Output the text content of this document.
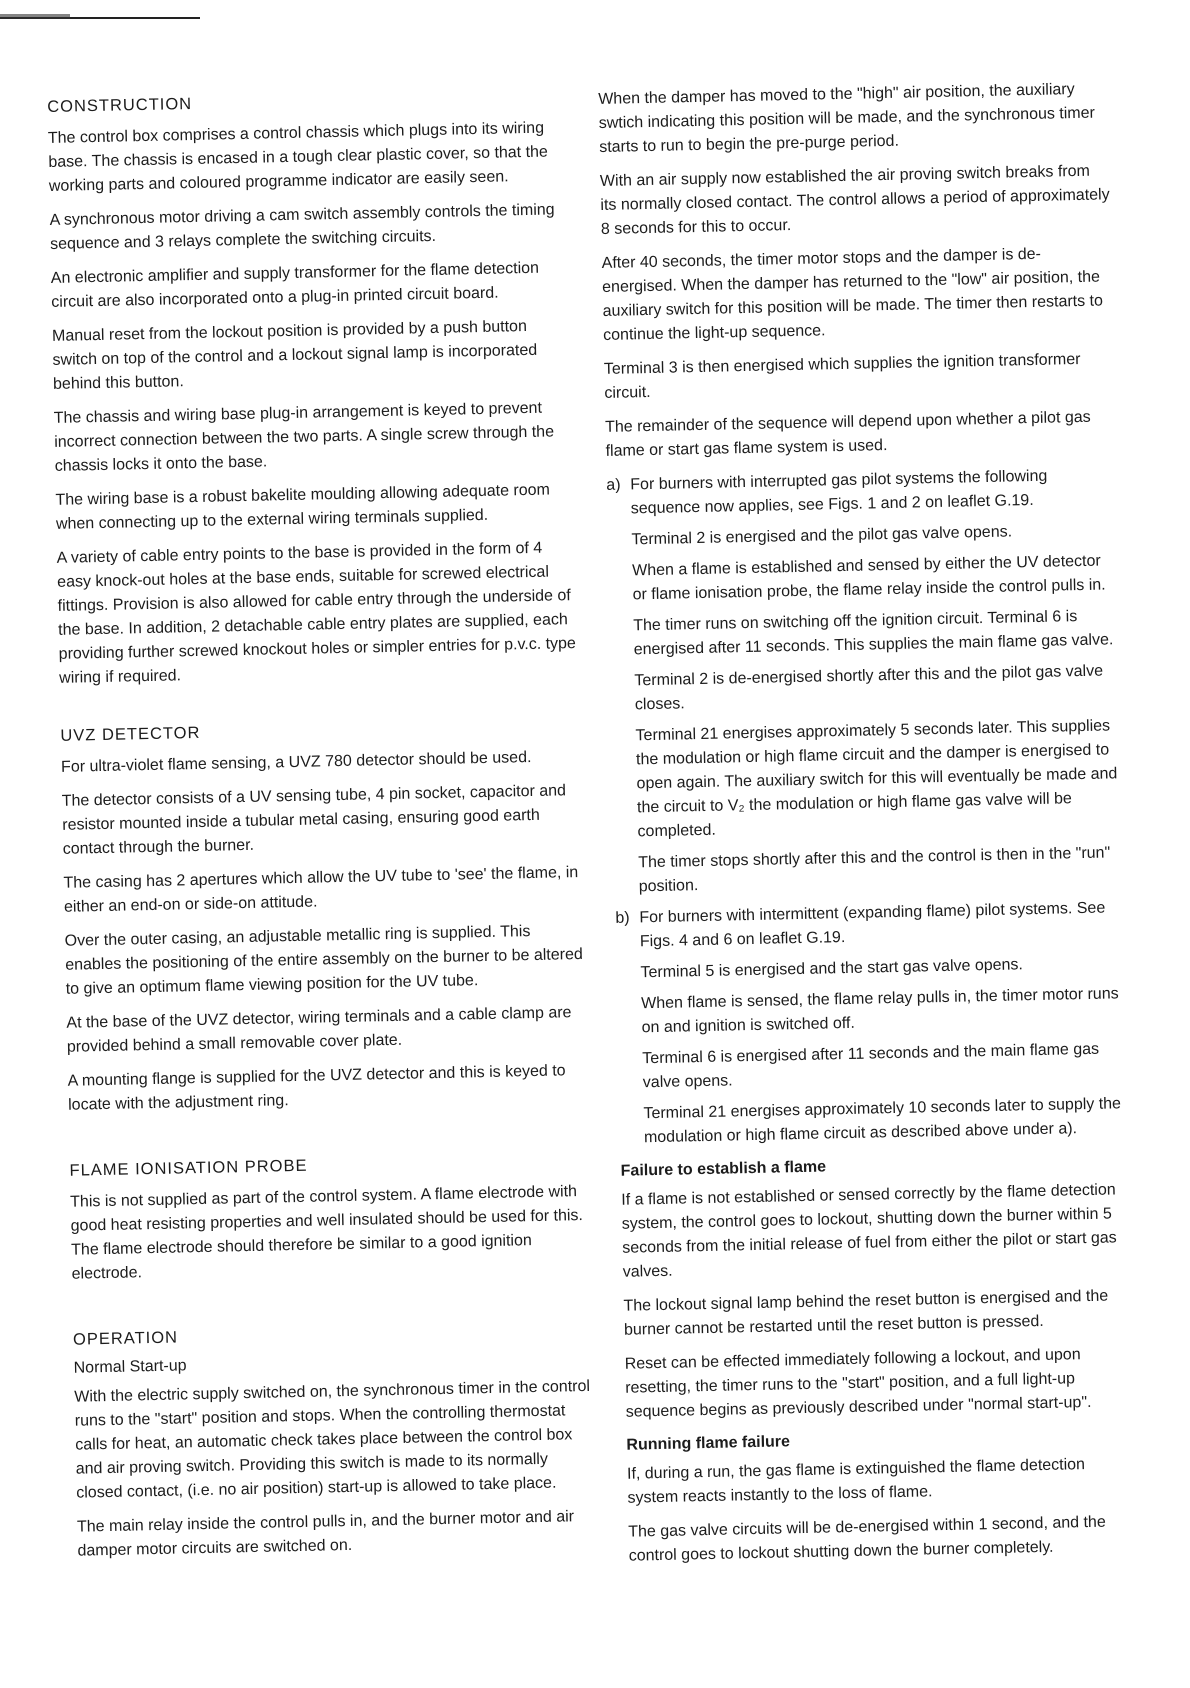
CONSTRUCTION

The control box comprises a control chassis which plugs into its wiring base. The chassis is encased in a tough clear plastic cover, so that the working parts and coloured programme indicator are easily seen.

A synchronous motor driving a cam switch assembly controls the timing sequence and 3 relays complete the switching circuits.

An electronic amplifier and supply transformer for the flame detection circuit are also incorporated onto a plug-in printed circuit board.

Manual reset from the lockout position is provided by a push button switch on top of the control and a lockout signal lamp is incorporated behind this button.

The chassis and wiring base plug-in arrangement is keyed to prevent incorrect connection between the two parts. A single screw through the chassis locks it onto the base.

The wiring base is a robust bakelite moulding allowing adequate room when connecting up to the external wiring terminals supplied.

A variety of cable entry points to the base is provided in the form of 4 easy knock-out holes at the base ends, suitable for screwed electrical fittings. Provision is also allowed for cable entry through the underside of the base. In addition, 2 detachable cable entry plates are supplied, each providing further screwed knockout holes or simpler entries for p.v.c. type wiring if required.

UVZ DETECTOR

For ultra-violet flame sensing, a UVZ 780 detector should be used.

The detector consists of a UV sensing tube, 4 pin socket, capacitor and resistor mounted inside a tubular metal casing, ensuring good earth contact through the burner.

The casing has 2 apertures which allow the UV tube to 'see' the flame, in either an end-on or side-on attitude.

Over the outer casing, an adjustable metallic ring is supplied. This enables the positioning of the entire assembly on the burner to be altered to give an optimum flame viewing position for the UV tube.

At the base of the UVZ detector, wiring terminals and a cable clamp are provided behind a small removable cover plate.

A mounting flange is supplied for the UVZ detector and this is keyed to locate with the adjustment ring.

FLAME IONISATION PROBE

This is not supplied as part of the control system. A flame electrode with good heat resisting properties and well insulated should be used for this. The flame electrode should therefore be similar to a good ignition electrode.

OPERATION
Normal Start-up

With the electric supply switched on, the synchronous timer in the control runs to the "start" position and stops. When the controlling thermostat calls for heat, an automatic check takes place between the control box and air proving switch. Providing this switch is made to its normally closed contact, (i.e. no air position) start-up is allowed to take place.

The main relay inside the control pulls in, and the burner motor and air damper motor circuits are switched on.

When the damper has moved to the "high" air position, the auxiliary swtich indicating this position will be made, and the synchronous timer starts to run to begin the pre-purge period.

With an air supply now established the air proving switch breaks from its normally closed contact. The control allows a period of approximately 8 seconds for this to occur.

After 40 seconds, the timer motor stops and the damper is de-energised. When the damper has returned to the "low" air position, the auxiliary switch for this position will be made. The timer then restarts to continue the light-up sequence.

Terminal 3 is then energised which supplies the ignition transformer circuit.

The remainder of the sequence will depend upon whether a pilot gas flame or start gas flame system is used.

a) For burners with interrupted gas pilot systems the following sequence now applies, see Figs. 1 and 2 on leaflet G.19.

Terminal 2 is energised and the pilot gas valve opens.

When a flame is established and sensed by either the UV detector or flame ionisation probe, the flame relay inside the control pulls in.

The timer runs on switching off the ignition circuit. Terminal 6 is energised after 11 seconds. This supplies the main flame gas valve.

Terminal 2 is de-energised shortly after this and the pilot gas valve closes.

Terminal 21 energises approximately 5 seconds later. This supplies the modulation or high flame circuit and the damper is energised to open again. The auxiliary switch for this will eventually be made and the circuit to V₂ the modulation or high flame gas valve will be completed.

The timer stops shortly after this and the control is then in the "run" position.

b) For burners with intermittent (expanding flame) pilot systems. See Figs. 4 and 6 on leaflet G.19.

Terminal 5 is energised and the start gas valve opens.

When flame is sensed, the flame relay pulls in, the timer motor runs on and ignition is switched off.

Terminal 6 is energised after 11 seconds and the main flame gas valve opens.

Terminal 21 energises approximately 10 seconds later to supply the modulation or high flame circuit as described above under a).

Failure to establish a flame

If a flame is not established or sensed correctly by the flame detection system, the control goes to lockout, shutting down the burner within 5 seconds from the initial release of fuel from either the pilot or start gas valves.

The lockout signal lamp behind the reset button is energised and the burner cannot be restarted until the reset button is pressed.

Reset can be effected immediately following a lockout, and upon resetting, the timer runs to the "start" position, and a full light-up sequence begins as previously described under "normal start-up".

Running flame failure

If, during a run, the gas flame is extinguished the flame detection system reacts instantly to the loss of flame.

The gas valve circuits will be de-energised within 1 second, and the control goes to lockout shutting down the burner completely.
